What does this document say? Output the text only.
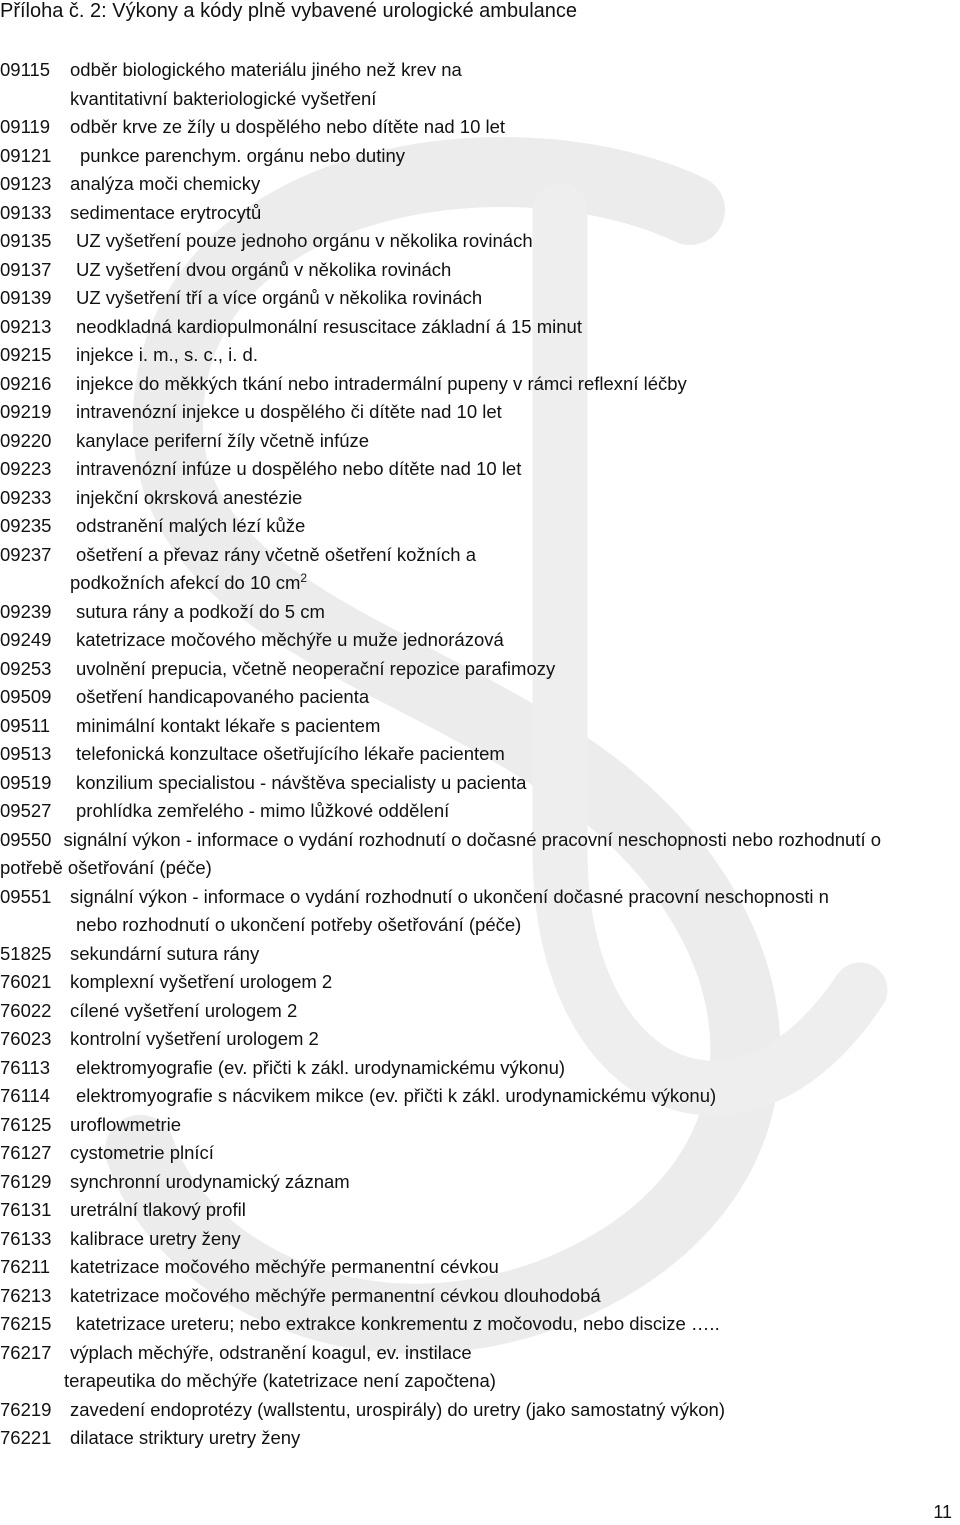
Příloha č. 2: Výkony a kódy plně vybavené urologické ambulance
09115 odběr biologického materiálu jiného než krev na
kvantitativní bakteriologické vyšetření
09119 odběr krve ze žíly u dospělého nebo dítěte nad 10 let
09121 punkce parenchym. orgánu nebo dutiny
09123 analýza moči chemicky
09133 sedimentace erytrocytů
09135 UZ vyšetření pouze jednoho orgánu v několika rovinách
09137 UZ vyšetření dvou orgánů v několika rovinách
09139 UZ vyšetření tří a více orgánů v několika rovinách
09213 neodkladná kardiopulmonální resuscitace základní á 15 minut
09215 injekce i. m., s. c., i. d.
09216 injekce do měkkých tkání nebo intradermální pupeny v rámci reflexní léčby
09219 intravenózní injekce u dospělého či dítěte nad 10 let
09220 kanylace periferní žíly včetně infúze
09223 intravenózní infúze u dospělého nebo dítěte nad 10 let
09233 injekční okrsková anestézie
09235 odstranění malých lézí kůže
09237 ošetření a převaz rány včetně ošetření kožních a
podkožních afekcí do 10 $cm^2$
09239 sutura rány a podkoží do 5 cm
09249 katetrizace močového měchýře u muže jednorázová
09253 uvolnění prepucia, včetně neoperační repozice parafimozy
09509 ošetření handicapovaného pacienta
09511 minimální kontakt lékaře s pacientem
09513 telefonická konzultace ošetřujícího lékaře pacientem
09519 konzilium specialistou - návštěva specialisty u pacienta
09527 prohlídka zemřelého - mimo lůžkové oddělení
09550 signální výkon - informace o vydání rozhodnutí o dočasné pracovní neschopnosti nebo rozhodnutí o potřebě ošetřování (péče)
09551 signální výkon - informace o vydání rozhodnutí o ukončení dočasné pracovní neschopnosti n
nebo rozhodnutí o ukončení potřeby ošetřování (péče)
51825 sekundární sutura rány
76021 komplexní vyšetření urologem 2
76022 cílené vyšetření urologem 2
76023 kontrolní vyšetření urologem 2
76113 elektromyografie (ev. přičti k zákl. urodynamickému výkonu)
76114 elektromyografie s nácvikem mikce (ev. přičti k zákl. urodynamickému výkonu)
76125 uroflowmetrie
76127 cystometrie plnící
76129 synchronní urodynamický záznam
76131 uretrální tlakový profil
76133 kalibrace uretry ženy
76211 katetrizace močového měchýře permanentní cévkou
76213 katetrizace močového měchýře permanentní cévkou dlouhodobá
76215 katetrizace ureteru; nebo extrakce konkrementu z močovodu, nebo discize …..
76217 výplach měchýře, odstranění koagul, ev. instilace
terapeutika do měchýře (katetrizace není započtena)
76219 zavedení endoprotézy (wallstentu, urospirály) do uretry (jako samostatný výkon)
76221 dilatace striktury uretry ženy
11
